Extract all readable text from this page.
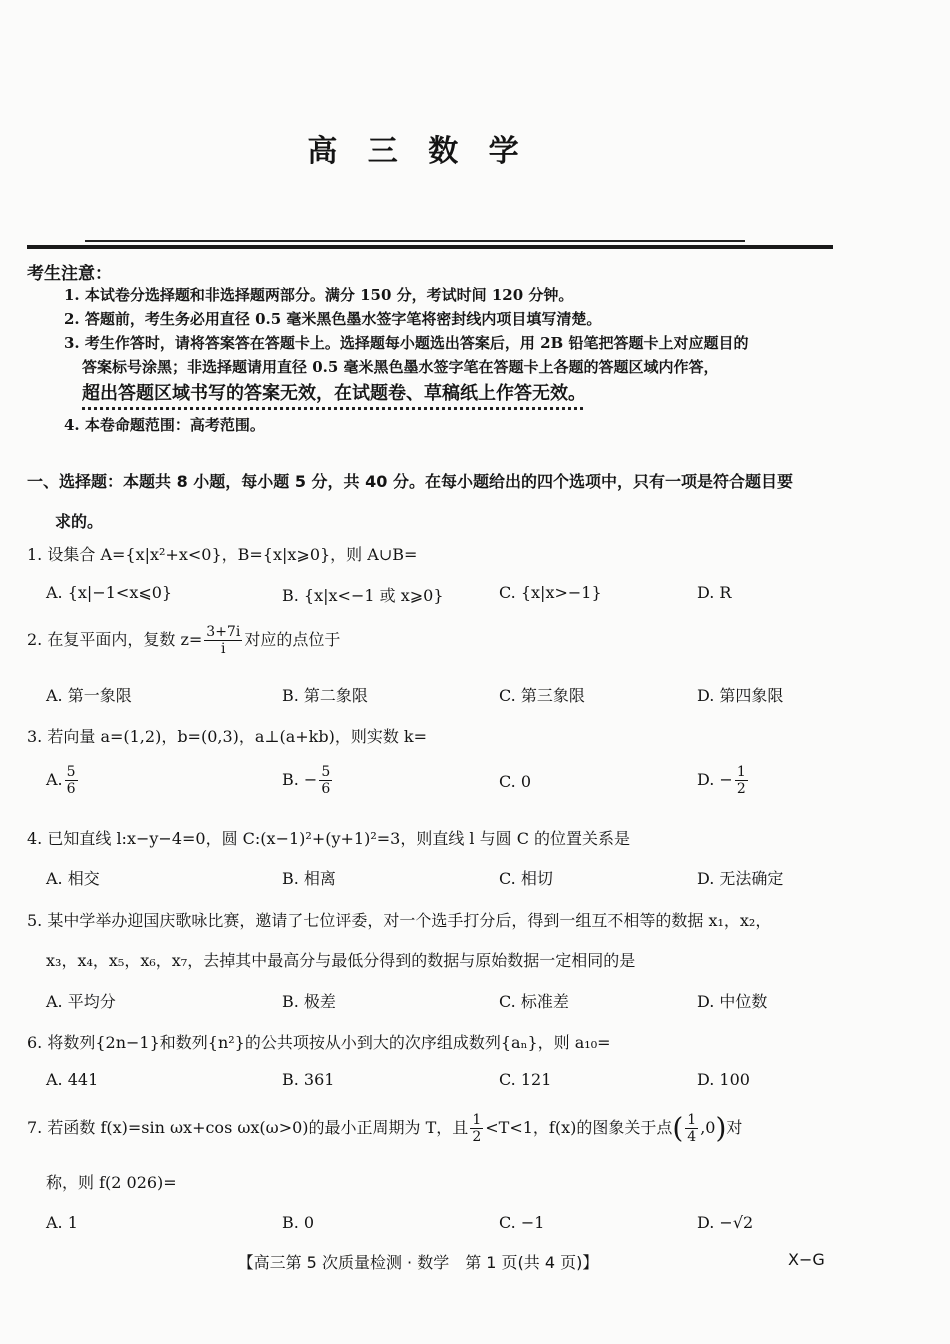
高 三 数 学
考生注意：
1. 本试卷分选择题和非选择题两部分。满分 150 分，考试时间 120 分钟。
2. 答题前，考生务必用直径 0.5 毫米黑色墨水签字笔将密封线内项目填写清楚。
3. 考生作答时，请将答案答在答题卡上。选择题每小题选出答案后，用 2B 铅笔把答题卡上对应题目的
答案标号涂黑；非选择题请用直径 0.5 毫米黑色墨水签字笔在答题卡上各题的答题区域内作答，
超出答题区域书写的答案无效，在试题卷、草稿纸上作答无效。
4. 本卷命题范围：高考范围。
一、选择题：本题共 8 小题，每小题 5 分，共 40 分。在每小题给出的四个选项中，只有一项是符合题目要
求的。
1. 设集合 A={x|x²+x<0}，B={x|x⩾0}，则 A∪B=
A. {x|−1<x⩽0}	B. {x|x<−1 或 x⩾0}	C. {x|x>−1}	D. R
2. 在复平面内，复数 $z= \frac{3+7i}{i}$ 对应的点位于
A. 第一象限	B. 第二象限	C. 第三象限	D. 第四象限
3. 若向量 a=(1,2)，b=(0,3)，a⊥(a+kb)，则实数 k=
A. $\frac{5}{6}$	B. − $\frac{5}{6}$	C. 0	D. − $\frac{1}{2}$
4. 已知直线 l:x−y−4=0，圆 C:(x−1)²+(y+1)²=3，则直线 l 与圆 C 的位置关系是
A. 相交	B. 相离	C. 相切	D. 无法确定
5. 某中学举办迎国庆歌咏比赛，邀请了七位评委，对一个选手打分后，得到一组互不相等的数据 x₁，x₂，
x₃，x₄，x₅，x₆，x₇，去掉其中最高分与最低分得到的数据与原始数据一定相同的是
A. 平均分	B. 极差	C. 标准差	D. 中位数
6. 将数列{2n−1}和数列{n²}的公共项按从小到大的次序组成数列{aₙ}，则 a₁₀=
A. 441	B. 361	C. 121	D. 100
7. 若函数 f(x)=sin ωx+cos ωx(ω>0)的最小正周期为 T，且 $\frac{1}{2} <T<1$，f(x)的图象关于点( $\frac{1}{4} ,0$)对
称，则 f(2 026)=
A. 1	B. 0	C. −1	D. −√2
【高三第 5 次质量检测 · 数学　第 1 页(共 4 页)】	X−G
